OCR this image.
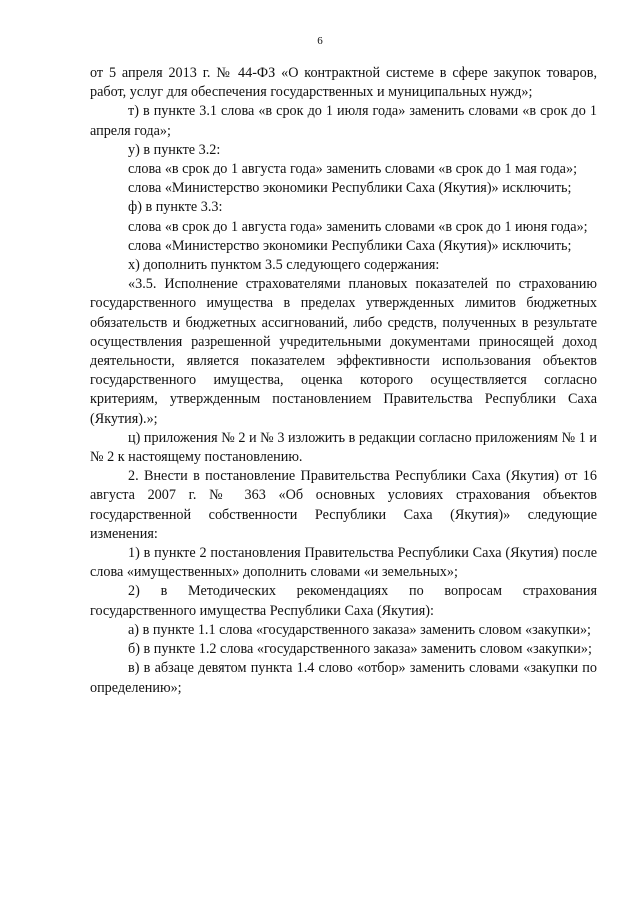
6

от 5 апреля 2013 г. № 44-ФЗ «О контрактной системе в сфере закупок товаров, работ, услуг для обеспечения государственных и муниципальных нужд»;

т) в пункте 3.1 слова «в срок до 1 июля года» заменить словами «в срок до 1 апреля года»;

у) в пункте 3.2:

слова «в срок до 1 августа года» заменить словами «в срок до 1 мая года»;

слова «Министерство экономики Республики Саха (Якутия)» исключить;

ф) в пункте 3.3:

слова «в срок до 1 августа года» заменить словами «в срок до 1 июня года»;

слова «Министерство экономики Республики Саха (Якутия)» исключить;

х) дополнить пунктом 3.5 следующего содержания:

«3.5. Исполнение страхователями плановых показателей по страхованию государственного имущества в пределах утвержденных лимитов бюджетных обязательств и бюджетных ассигнований, либо средств, полученных в результате осуществления разрешенной учредительными документами приносящей доход деятельности, является показателем эффективности использования объектов государственного имущества, оценка которого осуществляется согласно критериям, утвержденным постановлением Правительства Республики Саха (Якутия).»;

ц) приложения № 2 и № 3 изложить в редакции согласно приложениям № 1 и № 2 к настоящему постановлению.

2. Внести в постановление Правительства Республики Саха (Якутия) от 16 августа 2007 г. № 363 «Об основных условиях страхования объектов государственной собственности Республики Саха (Якутия)» следующие изменения:

1) в пункте 2 постановления Правительства Республики Саха (Якутия) после слова «имущественных» дополнить словами «и земельных»;

2) в Методических рекомендациях по вопросам страхования государственного имущества Республики Саха (Якутия):

а) в пункте 1.1 слова «государственного заказа» заменить словом «закупки»;

б) в пункте 1.2 слова «государственного заказа» заменить словом «закупки»;

в) в абзаце девятом пункта 1.4 слово «отбор» заменить словами «закупки по определению»;
